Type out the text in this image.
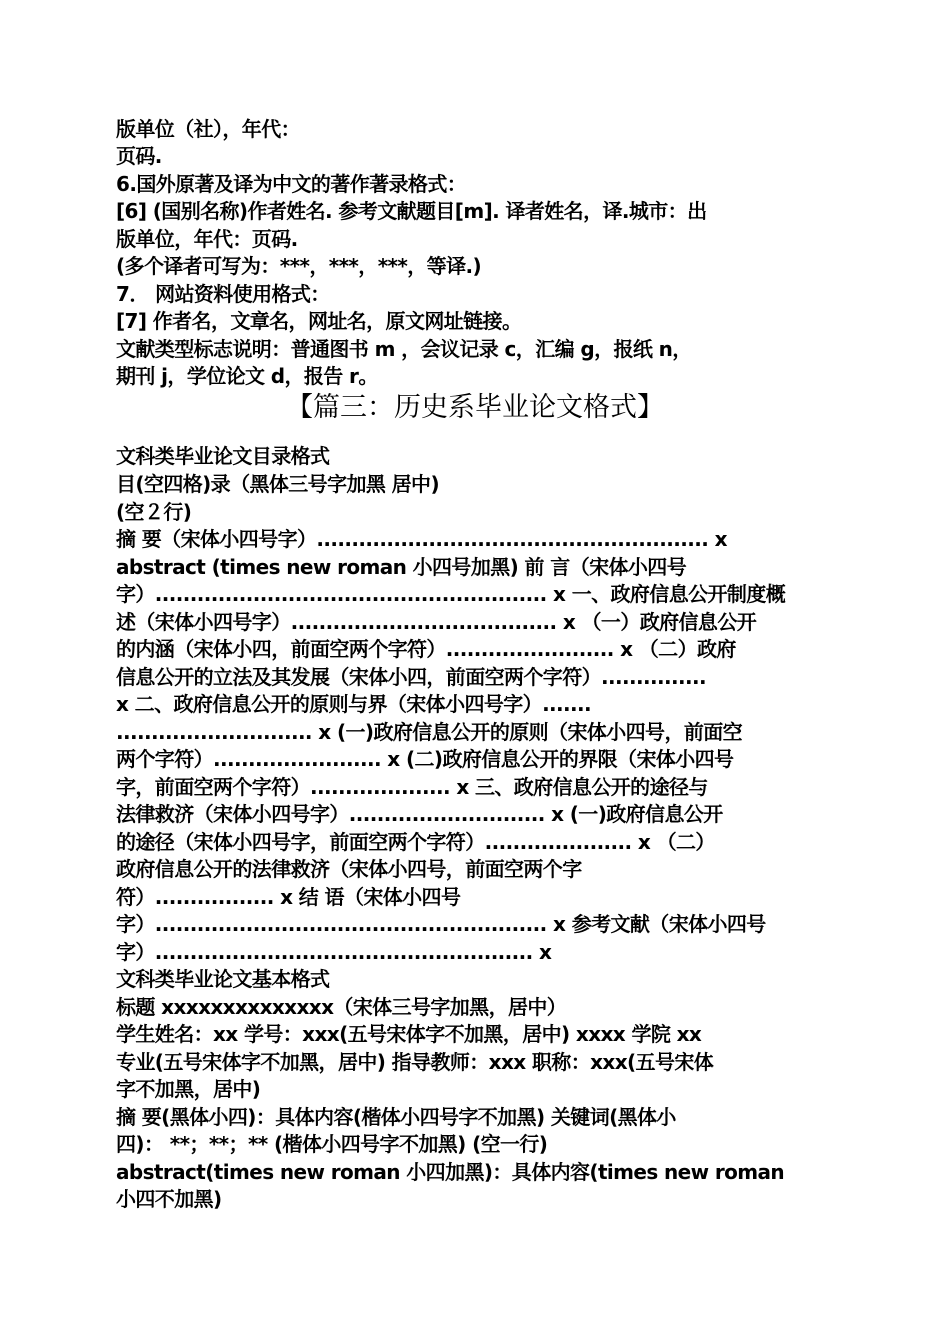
版单位（社），年代：
页码.
6.国外原著及译为中文的著作著录格式：
[6] (国别名称)作者姓名. 参考文献题目[m]. 译者姓名，译.城市：出
版单位，年代：页码.
(多个译者可写为：***，***，***，等译.)
7． 网站资料使用格式：
[7] 作者名，文章名，网址名，原文网址链接。
文献类型标志说明：普通图书 m ，会议记录 c，汇编 g，报纸 n，
期刊 j，学位论文 d，报告 r。
【篇三：历史系毕业论文格式】
文科类毕业论文目录格式
目(空四格)录（黑体三号字加黑 居中)
(空２行)
摘 要（宋体小四号字）........................................................ x
abstract (times new roman 小四号加黑) 前 言（宋体小四号
字）........................................................ x 一、政府信息公开制度概
述（宋体小四号字）...................................... x （一）政府信息公开
的内涵（宋体小四，前面空两个字符）........................ x （二）政府
信息公开的立法及其发展（宋体小四，前面空两个字符）...............
x 二、政府信息公开的原则与界（宋体小四号字）.......
............................ x (一)政府信息公开的原则（宋体小四号，前面空
两个字符）........................ x (二)政府信息公开的界限（宋体小四号
字，前面空两个字符）.................... x 三、政府信息公开的途径与
法律救济（宋体小四号字）............................ x (一)政府信息公开
的途径（宋体小四号字，前面空两个字符）..................... x （二）
政府信息公开的法律救济（宋体小四号，前面空两个字
符）................. x 结 语（宋体小四号
字）........................................................ x 参考文献（宋体小四号
字）...................................................... x
文科类毕业论文基本格式
标题 xxxxxxxxxxxxxx（宋体三号字加黑，居中）
学生姓名：xx 学号：xxx(五号宋体字不加黑，居中) xxxx 学院 xx
专业(五号宋体字不加黑，居中) 指导教师：xxx 职称：xxx(五号宋体
字不加黑，居中)
摘 要(黑体小四)：具体内容(楷体小四号字不加黑) 关键词(黑体小
四)： **；**；** (楷体小四号字不加黑) (空一行)
abstract(times new roman 小四加黑)：具体内容(times new roman
小四不加黑)
